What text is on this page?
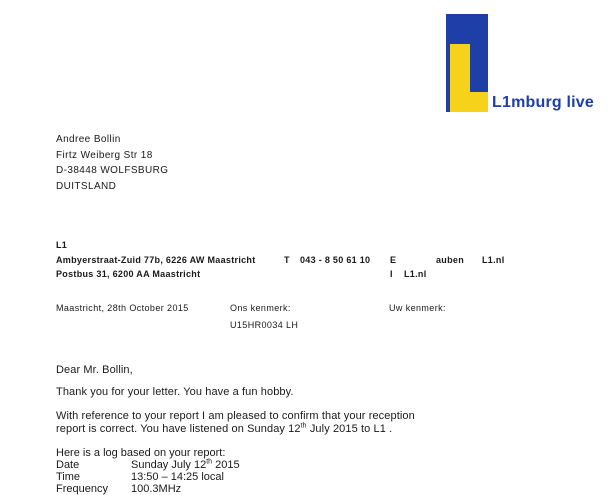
L1mburg live
Andree Bollin
Firtz Weiberg Str 18
D-38448 WOLFSBURG
DUITSLAND
L1
Ambyerstraat-Zuid 77b, 6226 AW Maastricht	T 043 - 8 50 61 10 E	auben L1.nl
Postbus 31, 6200 AA Maastricht	I L1.nl
Maastricht, 28th October 2015	Ons kenmerk:
U15HR0034 LH
Uw kenmerk:
Dear Mr. Bollin,
Thank you for your letter. You have a fun hobby.
With reference to your report I am pleased to confirm that your reception
report is correct. You have listened on Sunday 12th July 2015 to L1 .
Here is a log based on your report:
Date	Sunday July 12th 2015
Time	13:50 – 14:25 local
Frequency 100.3MHz
